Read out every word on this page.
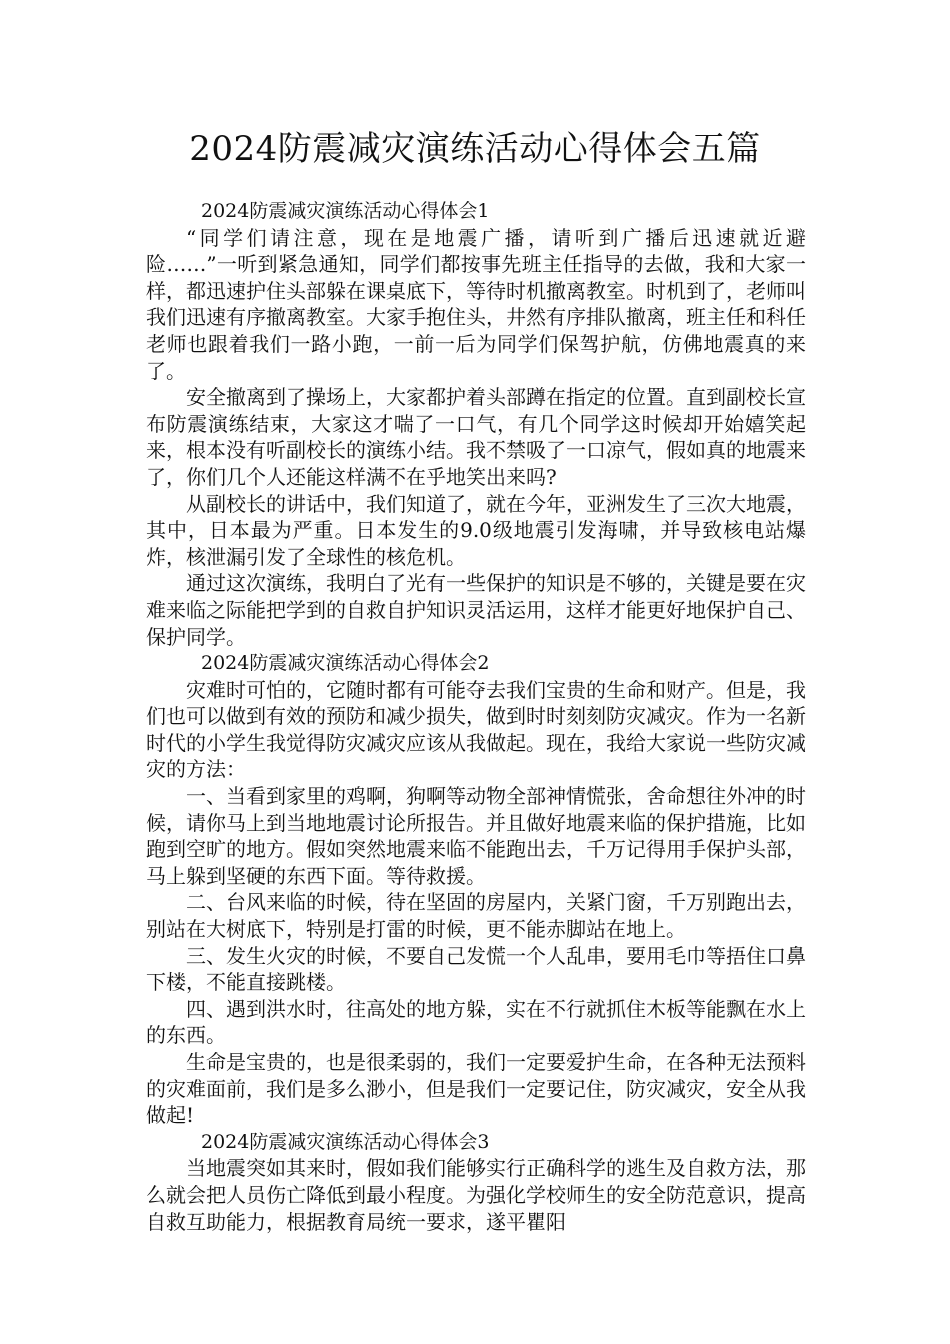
2024防震减灾演练活动心得体会五篇

2024防震减灾演练活动心得体会1

“同学们请注意，现在是地震广播，请听到广播后迅速就近避险……”一听到紧急通知，同学们都按事先班主任指导的去做，我和大家一样，都迅速护住头部躲在课桌底下，等待时机撤离教室。时机到了，老师叫我们迅速有序撤离教室。大家手抱住头，井然有序排队撤离，班主任和科任老师也跟着我们一路小跑，一前一后为同学们保驾护航，仿佛地震真的来了。

安全撤离到了操场上，大家都护着头部蹲在指定的位置。直到副校长宣布防震演练结束，大家这才喘了一口气，有几个同学这时候却开始嬉笑起来，根本没有听副校长的演练小结。我不禁吸了一口凉气，假如真的地震来了，你们几个人还能这样满不在乎地笑出来吗?

从副校长的讲话中，我们知道了，就在今年，亚洲发生了三次大地震，其中，日本最为严重。日本发生的9.0级地震引发海啸，并导致核电站爆炸，核泄漏引发了全球性的核危机。

通过这次演练，我明白了光有一些保护的知识是不够的，关键是要在灾难来临之际能把学到的自救自护知识灵活运用，这样才能更好地保护自己、保护同学。

2024防震减灾演练活动心得体会2

灾难时可怕的，它随时都有可能夺去我们宝贵的生命和财产。但是，我们也可以做到有效的预防和减少损失，做到时时刻刻防灾减灾。作为一名新时代的小学生我觉得防灾减灾应该从我做起。现在，我给大家说一些防灾减灾的方法：

一、当看到家里的鸡啊，狗啊等动物全部神情慌张，舍命想往外冲的时候，请你马上到当地地震讨论所报告。并且做好地震来临的保护措施，比如跑到空旷的地方。假如突然地震来临不能跑出去，千万记得用手保护头部，马上躲到坚硬的东西下面。等待救援。

二、台风来临的时候，待在坚固的房屋内，关紧门窗，千万别跑出去，别站在大树底下，特别是打雷的时候，更不能赤脚站在地上。

三、发生火灾的时候，不要自己发慌一个人乱串，要用毛巾等捂住口鼻下楼，不能直接跳楼。

四、遇到洪水时，往高处的地方躲，实在不行就抓住木板等能飘在水上的东西。

生命是宝贵的，也是很柔弱的，我们一定要爱护生命，在各种无法预料的灾难面前，我们是多么渺小，但是我们一定要记住，防灾减灾，安全从我做起!

2024防震减灾演练活动心得体会3

当地震突如其来时，假如我们能够实行正确科学的逃生及自救方法，那么就会把人员伤亡降低到最小程度。为强化学校师生的安全防范意识，提高自救互助能力，根据教育局统一要求，遂平瞿阳
